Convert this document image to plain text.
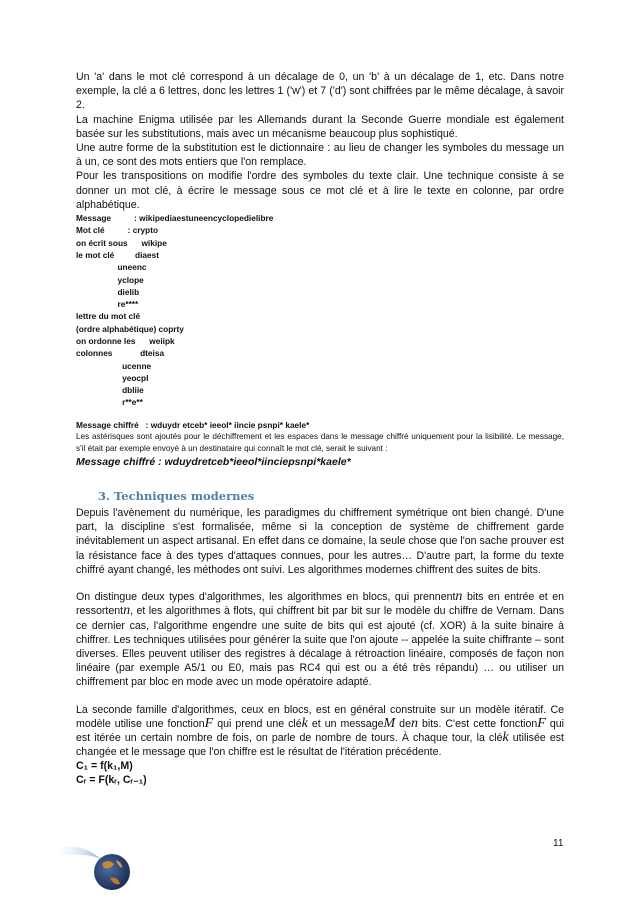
Un 'a' dans le mot clé correspond à un décalage de 0, un 'b' à un décalage de 1, etc. Dans notre exemple, la clé a 6 lettres, donc les lettres 1 ('w') et 7 ('d') sont chiffrées par le même décalage, à savoir 2.

La machine Enigma utilisée par les Allemands durant la Seconde Guerre mondiale est également basée sur les substitutions, mais avec un mécanisme beaucoup plus sophistiqué.

Une autre forme de la substitution est le dictionnaire : au lieu de changer les symboles du message un à un, ce sont des mots entiers que l'on remplace.

Pour les transpositions on modifie l'ordre des symboles du texte clair. Une technique consiste à se donner un mot clé, à écrire le message sous ce mot clé et à lire le texte en colonne, par ordre alphabétique.

Message          : wikipediaestuneencyclopedielibre
Mot clé          : crypto
on écrit sous      wikipe
le mot clé         diaest
uneenc
yclope
dielib
re****
lettre du mot clé
(ordre alphabétique) coprty
on ordonne les      weiipk
colonnes            dteisa
ucenne
yeocpl
dbliie
r**e**
Message chiffré   : wduydr etceb* ieeol* iincie psnpi* kaele*

Les astérisques sont ajoutés pour le déchiffrement et les espaces dans le message chiffré uniquement pour la lisibilité. Le message, s'il était par exemple envoyé à un destinataire qui connaît le mot clé, serait le suivant :

Message chiffré : wduydretceb*ieeol*iinciepsnpi*kaele*
3. Techniques modernes

Depuis l'avènement du numérique, les paradigmes du chiffrement symétrique ont bien changé. D'une part, la discipline s'est formalisée, même si la conception de système de chiffrement garde inévitablement un aspect artisanal. En effet dans ce domaine, la seule chose que l'on sache prouver est la résistance face à des types d'attaques connues, pour les autres… D'autre part, la forme du texte chiffré ayant changé, les méthodes ont suivi. Les algorithmes modernes chiffrent des suites de bits.

On distingue deux types d'algorithmes, les algorithmes en blocs, qui prennentn bits en entrée et en ressortentn, et les algorithmes à flots, qui chiffrent bit par bit sur le modèle du chiffre de Vernam. Dans ce dernier cas, l'algorithme engendre une suite de bits qui est ajouté (cf. XOR) à la suite binaire à chiffrer. Les techniques utilisées pour générer la suite que l'on ajoute -- appelée la suite chiffrante – sont diverses. Elles peuvent utiliser des registres à décalage à rétroaction linéaire, composés de façon non linéaire (par exemple A5/1 ou E0, mais pas RC4 qui est ou a été très répandu) … ou utiliser un chiffrement par bloc en mode avec un mode opératoire adapté.

La seconde famille d'algorithmes, ceux en blocs, est en général construite sur un modèle itératif. Ce modèle utilise une fonctionF qui prend une clék et un messageM den bits. C'est cette fonctionF qui est itérée un certain nombre de fois, on parle de nombre de tours. À chaque tour, la clék utilisée est changée et le message que l'on chiffre est le résultat de l'itération précédente.

C₁ = f(k₁,M)
Cᵣ = F(kᵣ, Cᵣ₋₁)
11
